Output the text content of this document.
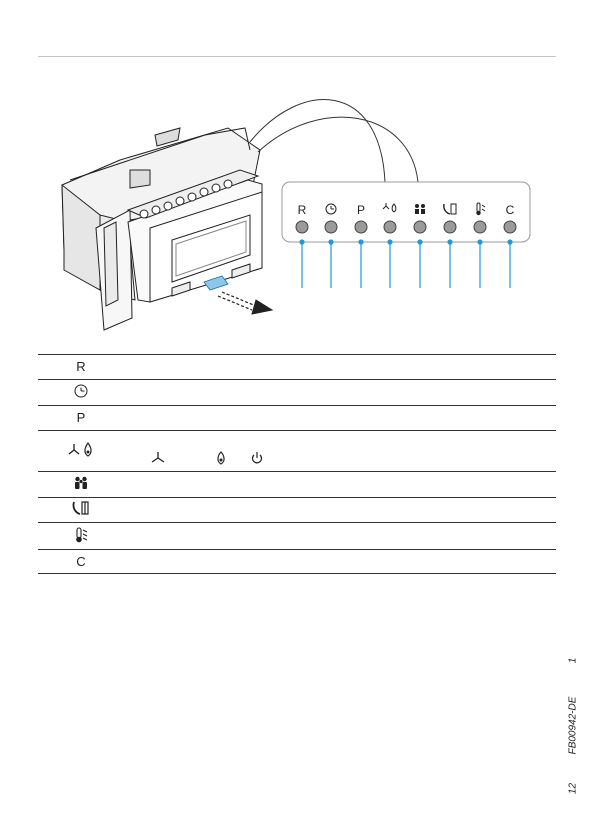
R	P	C
R
P
C
1
FB00942-DE
12
